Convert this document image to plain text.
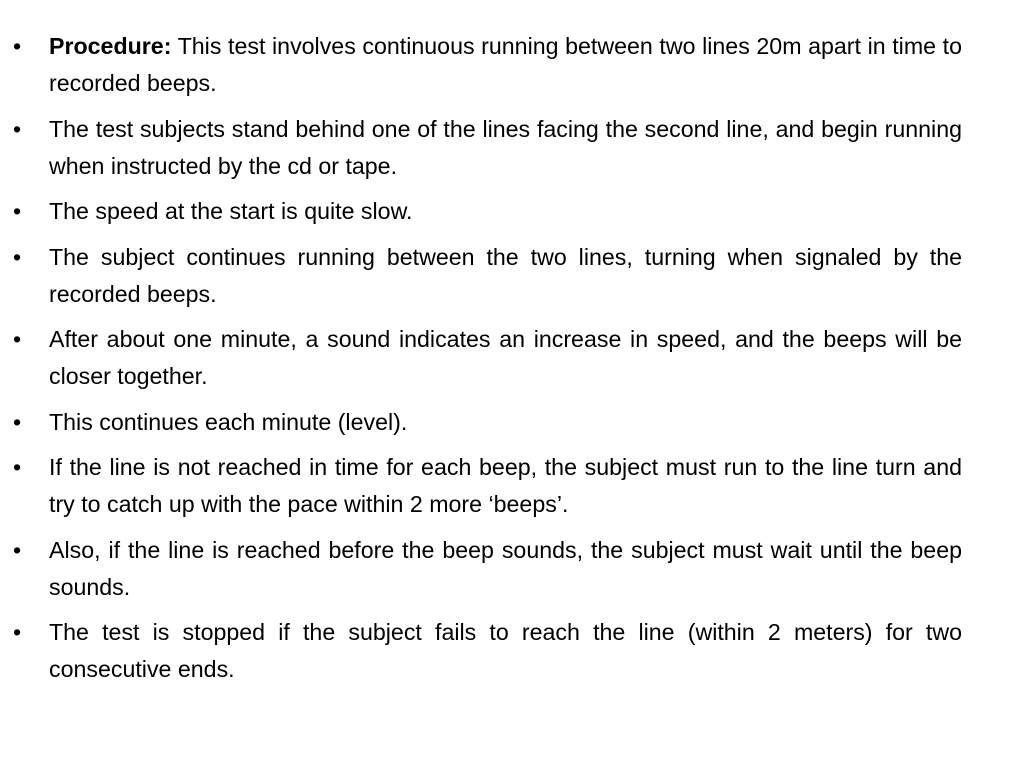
• Procedure: This test involves continuous running between two lines 20m apart in time to recorded beeps.
• The test subjects stand behind one of the lines facing the second line, and begin running when instructed by the cd or tape.
• The speed at the start is quite slow.
• The subject continues running between the two lines, turning when signaled by the recorded beeps.
• After about one minute, a sound indicates an increase in speed, and the beeps will be closer together.
• This continues each minute (level).
• If the line is not reached in time for each beep, the subject must run to the line turn and try to catch up with the pace within 2 more ‘beeps’.
• Also, if the line is reached before the beep sounds, the subject must wait until the beep sounds.
• The test is stopped if the subject fails to reach the line (within 2 meters) for two consecutive ends.
